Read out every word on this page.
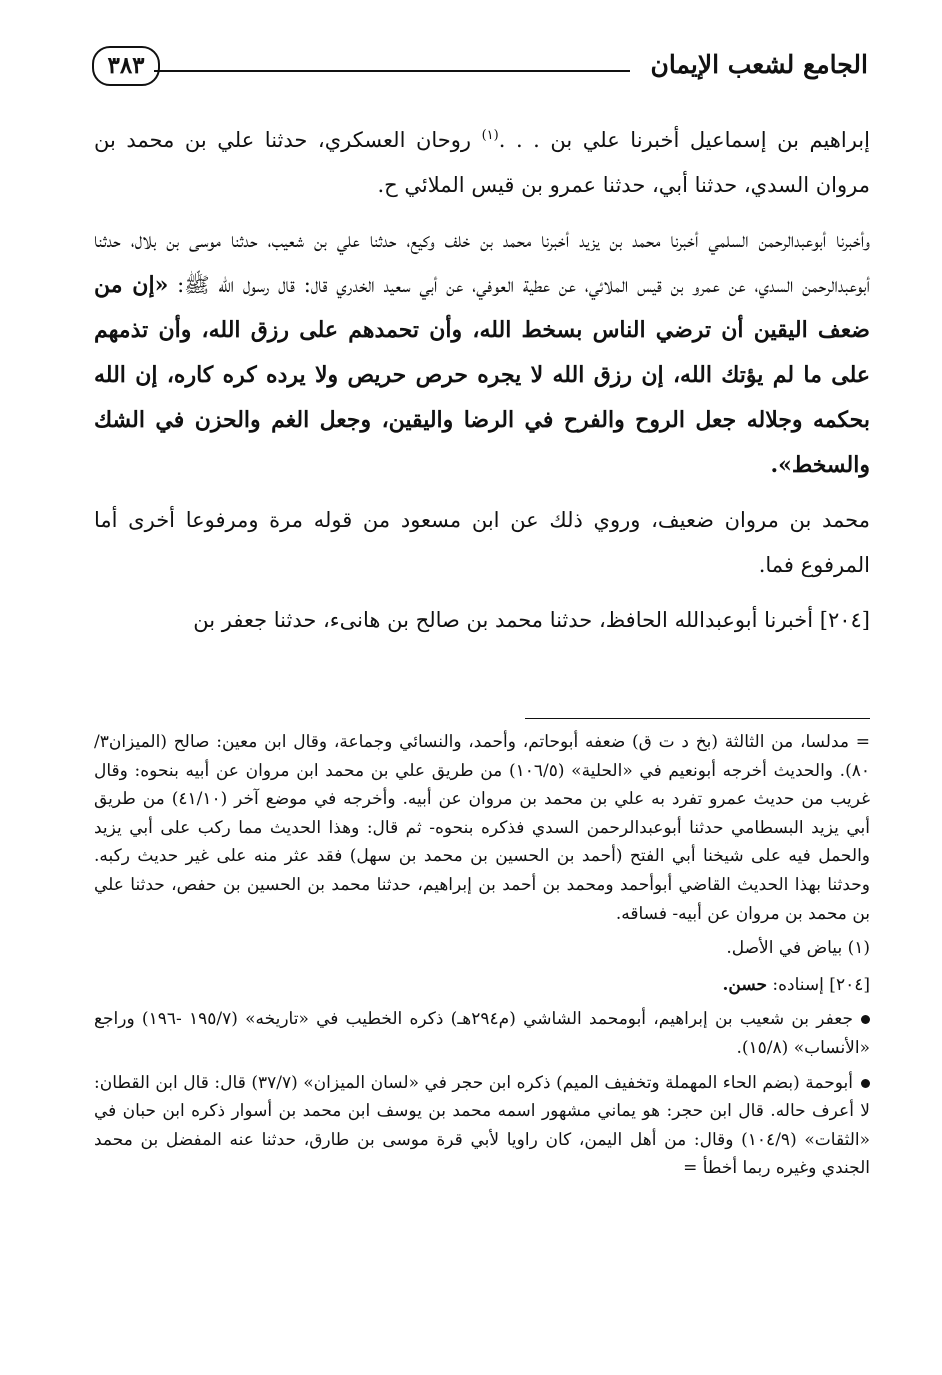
الجامع لشعب الإيمان
٣٨٣

إبراهيم بن إسماعيل أخبرنا علي بن . . .$^{(١)}$ روحان العسكري، حدثنا علي بن محمد بن مروان السدي، حدثنا أبي، حدثنا عمرو بن قيس الملائي ح.

وأخبرنا أبوعبدالرحمن السلمي أخبرنا محمد بن يزيد أخبرنا محمد بن خلف وكيع، حدثنا علي بن شعيب، حدثنا موسى بن بلال، حدثنا أبوعبدالرحمن السدي، عن عمرو بن قيس الملائي، عن عطية العوفي، عن أبي سعيد الخدري قال: قال رسول الله ﷺ: «إن من ضعف اليقين أن ترضي الناس بسخط الله، وأن تحمدهم على رزق الله، وأن تذمهم على ما لم يؤتك الله، إن رزق الله لا يجره حرص حريص ولا يرده كره كاره، إن الله بحكمه وجلاله جعل الروح والفرح في الرضا واليقين، وجعل الغم والحزن في الشك والسخط».

محمد بن مروان ضعيف، وروي ذلك عن ابن مسعود من قوله مرة ومرفوعا أخرى أما المرفوع فما.

[٢٠٤] أخبرنا أبوعبدالله الحافظ، حدثنا محمد بن صالح بن هانىء، حدثنا جعفر بن

= مدلسا، من الثالثة (بخ د ت ق) ضعفه أبوحاتم، وأحمد، والنسائي وجماعة، وقال ابن معين: صالح (الميزان٣/ ٨٠). والحديث أخرجه أبونعيم في «الحلية» (١٠٦/٥) من طريق علي بن محمد ابن مروان عن أبيه بنحوه: وقال غريب من حديث عمرو تفرد به علي بن محمد بن مروان عن أبيه. وأخرجه في موضع آخر (٤١/١٠) من طريق أبي يزيد البسطامي حدثنا أبوعبدالرحمن السدي فذكره بنحوه- ثم قال: وهذا الحديث مما ركب على أبي يزيد والحمل فيه على شيخنا أبي الفتح (أحمد بن الحسين بن محمد بن سهل) فقد عثر منه على غير حديث ركبه. وحدثنا بهذا الحديث القاضي أبوأحمد ومحمد بن أحمد بن إبراهيم، حدثنا محمد بن الحسين بن حفص، حدثنا علي بن محمد بن مروان عن أبيه- فساقه.

(١) بياض في الأصل.

[٢٠٤] إسناده: حسن.

جعفر بن شعيب بن إبراهيم، أبومحمد الشاشي (م٢٩٤هـ) ذكره الخطيب في «تاريخه» (١٩٥/٧ -١٩٦) وراجع «الأنساب» (١٥/٨).

أبوحمة (بضم الحاء المهملة وتخفيف الميم) ذكره ابن حجر في «لسان الميزان» (٣٧/٧) قال: قال ابن القطان: لا أعرف حاله. قال ابن حجر: هو يماني مشهور اسمه محمد بن يوسف ابن محمد بن أسوار ذكره ابن حبان في «الثقات» (١٠٤/٩) وقال: من أهل اليمن، كان راويا لأبي قرة موسى بن طارق، حدثنا عنه المفضل بن محمد الجندي وغيره ربما أخطأ =
